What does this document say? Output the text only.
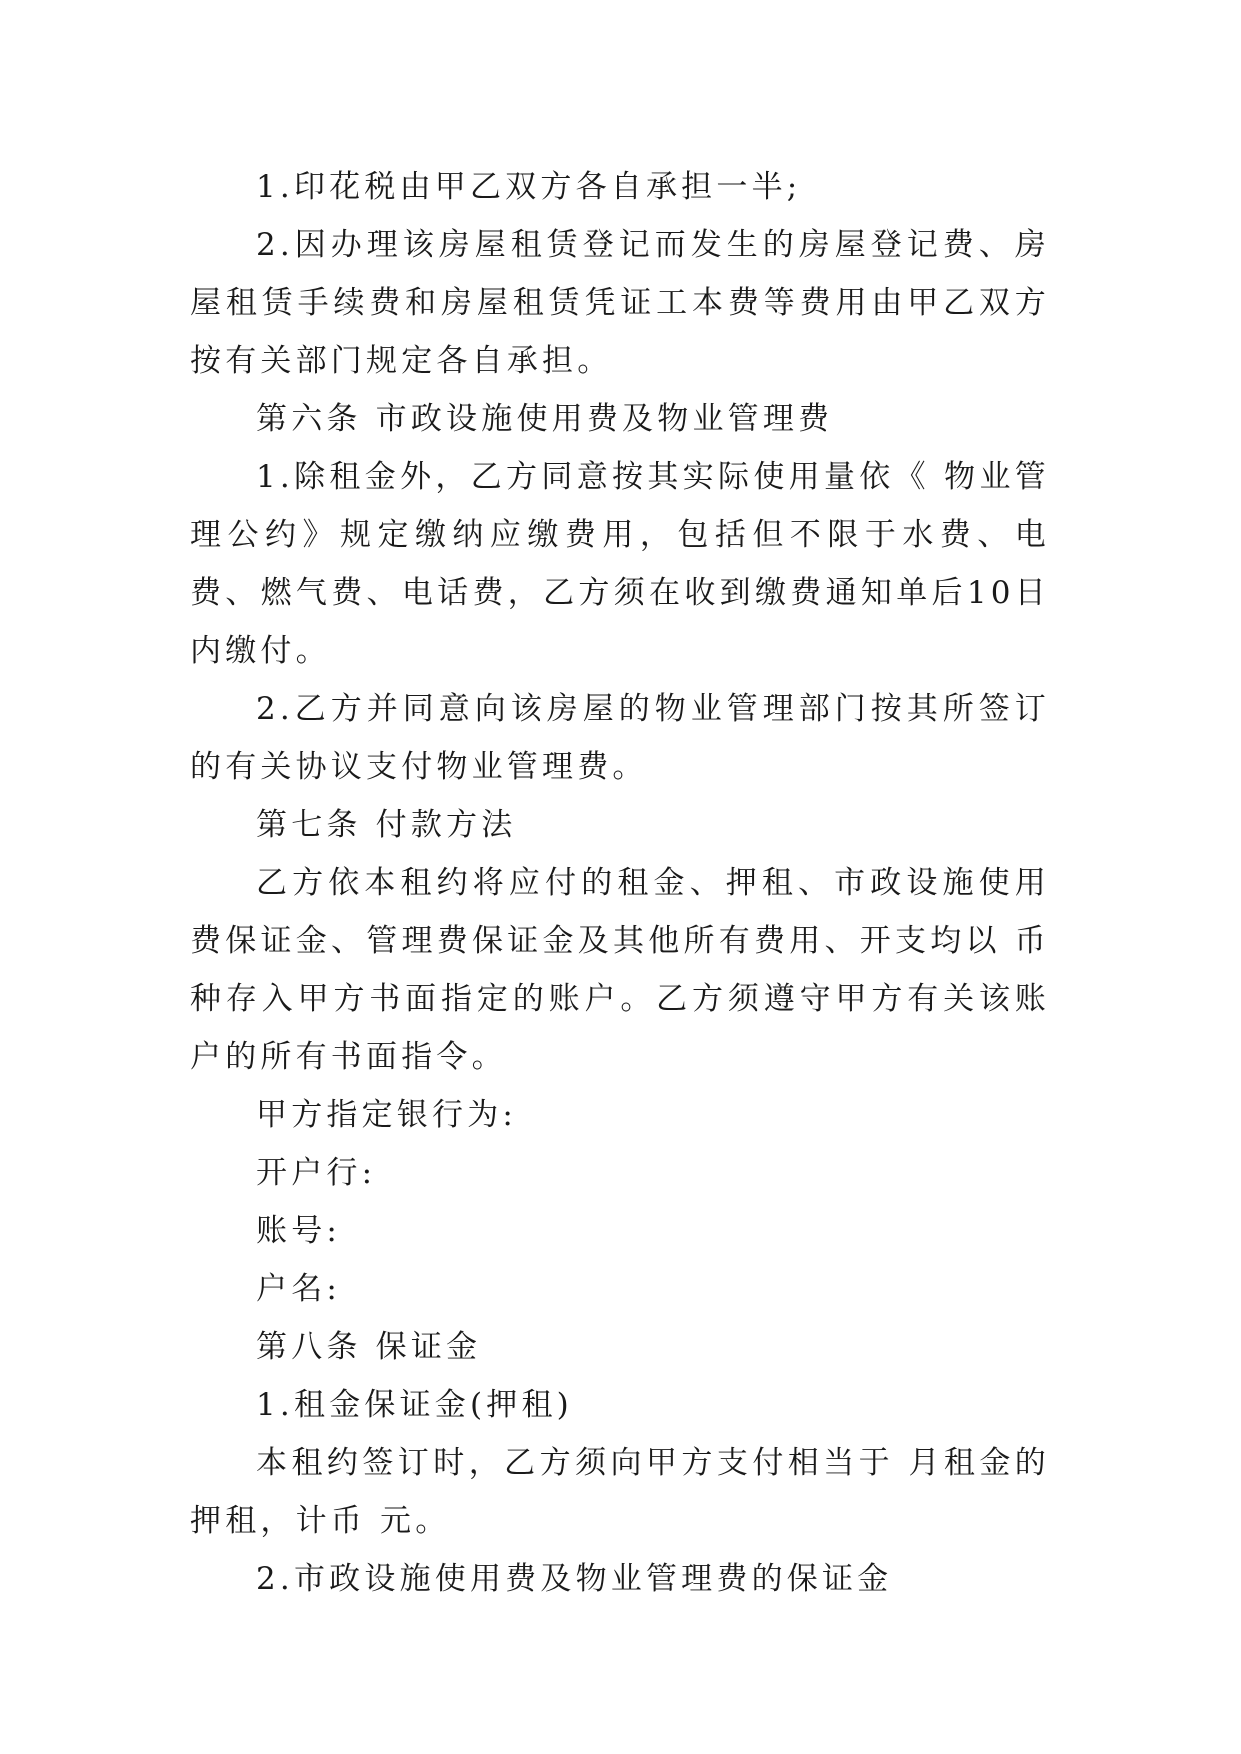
1.印花税由甲乙双方各自承担一半;

2.因办理该房屋租赁登记而发生的房屋登记费、房屋租赁手续费和房屋租赁凭证工本费等费用由甲乙双方按有关部门规定各自承担。

第六条 市政设施使用费及物业管理费

1.除租金外，乙方同意按其实际使用量依《 物业管理公约》规定缴纳应缴费用，包括但不限于水费、电费、燃气费、电话费，乙方须在收到缴费通知单后10日内缴付。

2.乙方并同意向该房屋的物业管理部门按其所签订的有关协议支付物业管理费。

第七条 付款方法

乙方依本租约将应付的租金、押租、市政设施使用费保证金、管理费保证金及其他所有费用、开支均以 币种存入甲方书面指定的账户。乙方须遵守甲方有关该账户的所有书面指令。

甲方指定银行为:

开户行:

账号:

户名:

第八条 保证金

1.租金保证金(押租)

本租约签订时，乙方须向甲方支付相当于 月租金的押租，计币 元。

2.市政设施使用费及物业管理费的保证金
